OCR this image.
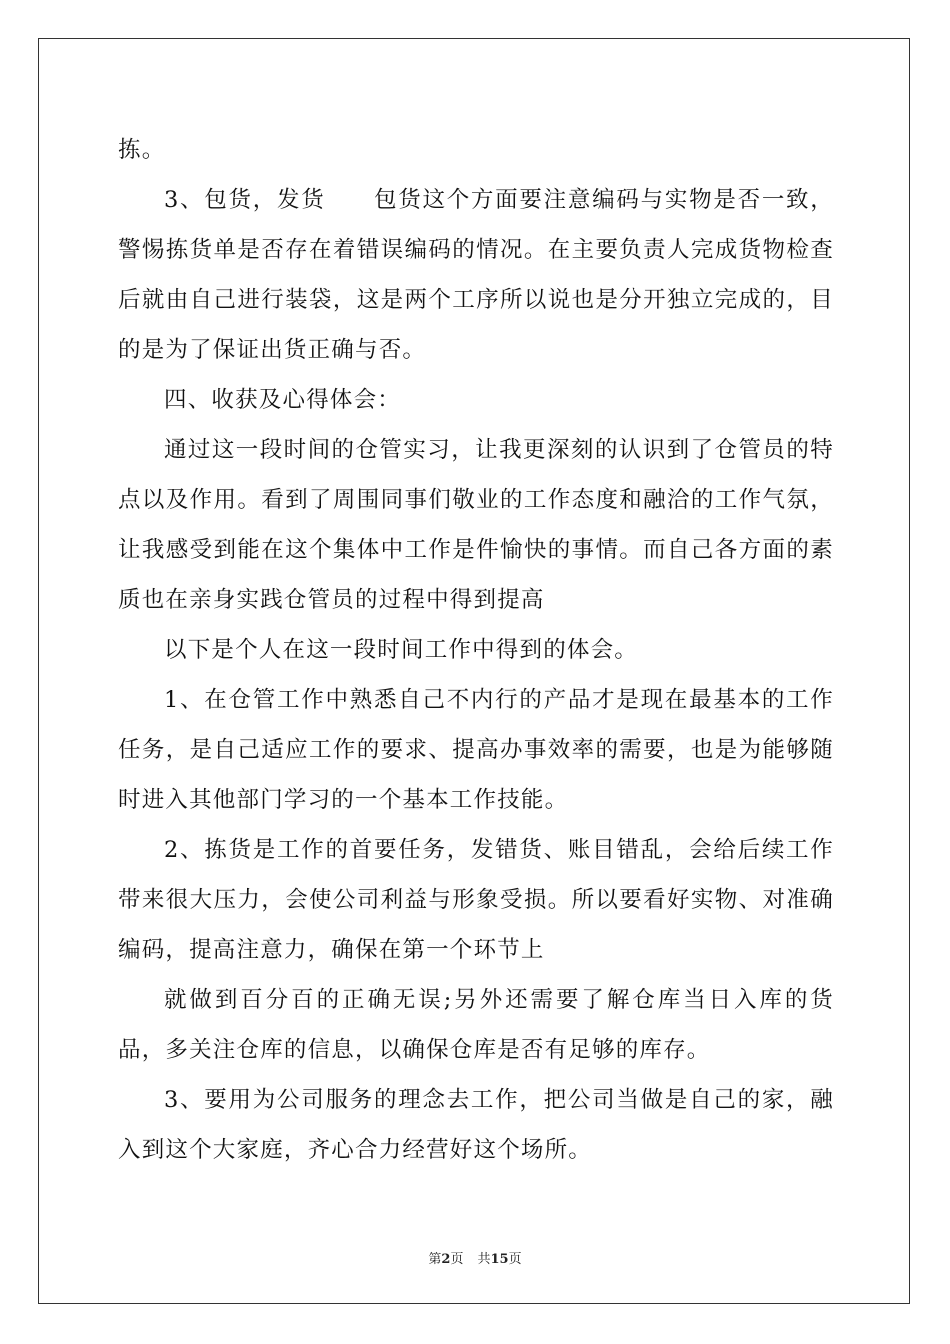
拣。

3、包货，发货　　包货这个方面要注意编码与实物是否一致，警惕拣货单是否存在着错误编码的情况。在主要负责人完成货物检查后就由自己进行装袋，这是两个工序所以说也是分开独立完成的，目的是为了保证出货正确与否。

四、收获及心得体会：

通过这一段时间的仓管实习，让我更深刻的认识到了仓管员的特点以及作用。看到了周围同事们敬业的工作态度和融洽的工作气氛，让我感受到能在这个集体中工作是件愉快的事情。而自己各方面的素质也在亲身实践仓管员的过程中得到提高

以下是个人在这一段时间工作中得到的体会。

1、在仓管工作中熟悉自己不内行的产品才是现在最基本的工作任务，是自己适应工作的要求、提高办事效率的需要，也是为能够随时进入其他部门学习的一个基本工作技能。

2、拣货是工作的首要任务，发错货、账目错乱，会给后续工作带来很大压力，会使公司利益与形象受损。所以要看好实物、对准确编码，提高注意力，确保在第一个环节上

就做到百分百的正确无误;另外还需要了解仓库当日入库的货品，多关注仓库的信息，以确保仓库是否有足够的库存。

3、要用为公司服务的理念去工作，把公司当做是自己的家，融入到这个大家庭，齐心合力经营好这个场所。

第2页 共15页
